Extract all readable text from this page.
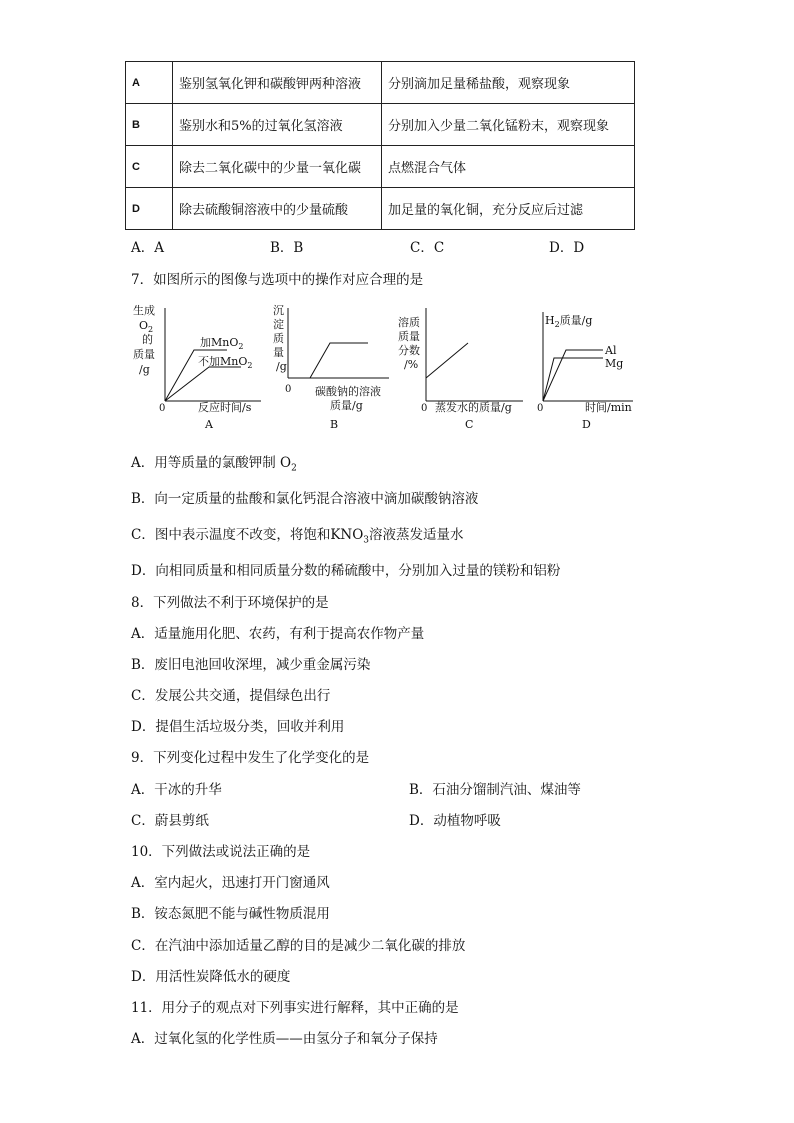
A	鉴别氢氧化钾和碳酸钾两种溶液	分别滴加足量稀盐酸，观察现象
B	鉴别水和5%的过氧化氢溶液	分别加入少量二氧化锰粉末，观察现象
C	除去二氧化碳中的少量一氧化碳	点燃混合气体
D	除去硫酸铜溶液中的少量硫酸	加足量的氧化铜，充分反应后过滤
A．A	B．B	C．C	D．D
7．如图所示的图像与选项中的操作对应合理的是
生成
$O_2$
的
质量
/g
0	反应时间/s
加MnO$_2$
不加MnO$_2$
A
沉
淀
质
量
/g
0 碳酸钠的溶液
质量/g
B
溶质
质量
分数
/%
0 蒸发水的质量/g
C
$H_2$质量/g
0	时间/min
Al
Mg
D
A．用等质量的氯酸钾制 $O_2$
B．向一定质量的盐酸和氯化钙混合溶液中滴加碳酸钠溶液
C．图中表示温度不改变，将饱和$KNO_3$溶液蒸发适量水
D．向相同质量和相同质量分数的稀硫酸中，分别加入过量的镁粉和铝粉
8．下列做法不利于环境保护的是
A．适量施用化肥、农药，有利于提高农作物产量
B．废旧电池回收深埋，减少重金属污染
C．发展公共交通，提倡绿色出行
D．提倡生活垃圾分类，回收并利用
9．下列变化过程中发生了化学变化的是
A．干冰的升华	B．石油分馏制汽油、煤油等
C．蔚县剪纸	D．动植物呼吸
10．下列做法或说法正确的是
A．室内起火，迅速打开门窗通风
B．铵态氮肥不能与碱性物质混用
C．在汽油中添加适量乙醇的目的是减少二氧化碳的排放
D．用活性炭降低水的硬度
11．用分子的观点对下列事实进行解释，其中正确的是
A．过氧化氢的化学性质——由氢分子和氧分子保持
